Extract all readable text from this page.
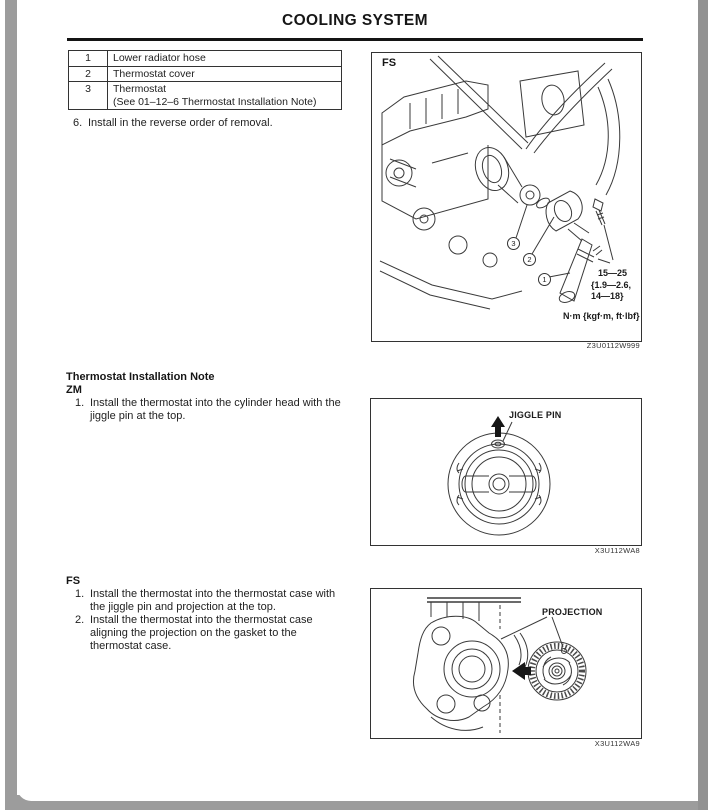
COOLING SYSTEM
1	Lower radiator hose
2	Thermostat cover
3	Thermostat
(See 01–12–6 Thermostat Installation Note)
6. Install in the reverse order of removal.
FS
1
2
3
15—25
{1.9—2.6,
14—18}
N·m {kgf·m, ft·lbf}
Z3U0112W999
Thermostat Installation Note
ZM
1. Install the thermostat into the cylinder head with the jiggle pin at the top.	JIGGLE PIN
X3U112WA8
FS
1. Install the thermostat into the thermostat case with the jiggle pin and projection at the top.
2. Install the thermostat into the thermostat case aligning the projection on the gasket to the thermostat case.
PROJECTION
X3U112WA9
